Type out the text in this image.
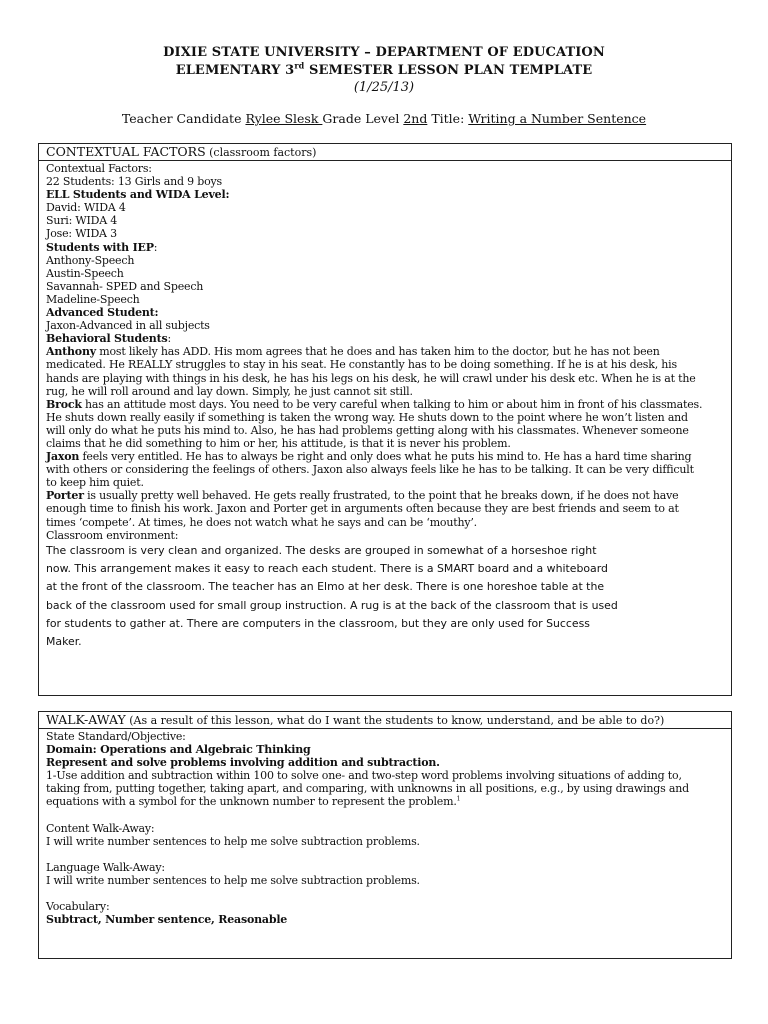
DIXIE STATE UNIVERSITY – DEPARTMENT OF EDUCATION
ELEMENTARY 3rd SEMESTER LESSON PLAN TEMPLATE
(1/25/13)
Teacher Candidate Rylee Slesk Grade Level 2nd Title: Writing a Number Sentence
CONTEXTUAL FACTORS (classroom factors)
Contextual Factors:
22 Students: 13 Girls and 9 boys
ELL Students and WIDA Level:
David: WIDA 4
Suri: WIDA 4
Jose: WIDA 3
Students with IEP:
Anthony-Speech
Austin-Speech
Savannah- SPED and Speech
Madeline-Speech
Advanced Student:
Jaxon-Advanced in all subjects
Behavioral Students:
Anthony most likely has ADD. His mom agrees that he does and has taken him to the doctor, but he has not been
medicated. He REALLY struggles to stay in his seat. He constantly has to be doing something. If he is at his desk, his
hands are playing with things in his desk, he has his legs on his desk, he will crawl under his desk etc. When he is at the
rug, he will roll around and lay down. Simply, he just cannot sit still.
Brock has an attitude most days. You need to be very careful when talking to him or about him in front of his classmates.
He shuts down really easily if something is taken the wrong way. He shuts down to the point where he won’t listen and
will only do what he puts his mind to. Also, he has had problems getting along with his classmates. Whenever someone
claims that he did something to him or her, his attitude, is that it is never his problem.
Jaxon feels very entitled. He has to always be right and only does what he puts his mind to. He has a hard time sharing
with others or considering the feelings of others. Jaxon also always feels like he has to be talking. It can be very difficult
to keep him quiet.
Porter is usually pretty well behaved. He gets really frustrated, to the point that he breaks down, if he does not have
enough time to finish his work. Jaxon and Porter get in arguments often because they are best friends and seem to at
times ‘compete’. At times, he does not watch what he says and can be ‘mouthy’.
Classroom environment:
The classroom is very clean and organized. The desks are grouped in somewhat of a horseshoe right
now. This arrangement makes it easy to reach each student. There is a SMART board and a whiteboard
at the front of the classroom. The teacher has an Elmo at her desk. There is one horeshoe table at the
back of the classroom used for small group instruction. A rug is at the back of the classroom that is used
for students to gather at. There are computers in the classroom, but they are only used for Success
Maker.
WALK-AWAY (As a result of this lesson, what do I want the students to know, understand, and be able to do?)
State Standard/Objective:
Domain: Operations and Algebraic Thinking
Represent and solve problems involving addition and subtraction.
1-Use addition and subtraction within 100 to solve one- and two-step word problems involving situations of adding to,
taking from, putting together, taking apart, and comparing, with unknowns in all positions, e.g., by using drawings and
equations with a symbol for the unknown number to represent the problem.$^1$
Content Walk-Away:
I will write number sentences to help me solve subtraction problems.
Language Walk-Away:
I will write number sentences to help me solve subtraction problems.
Vocabulary:
Subtract, Number sentence, Reasonable
